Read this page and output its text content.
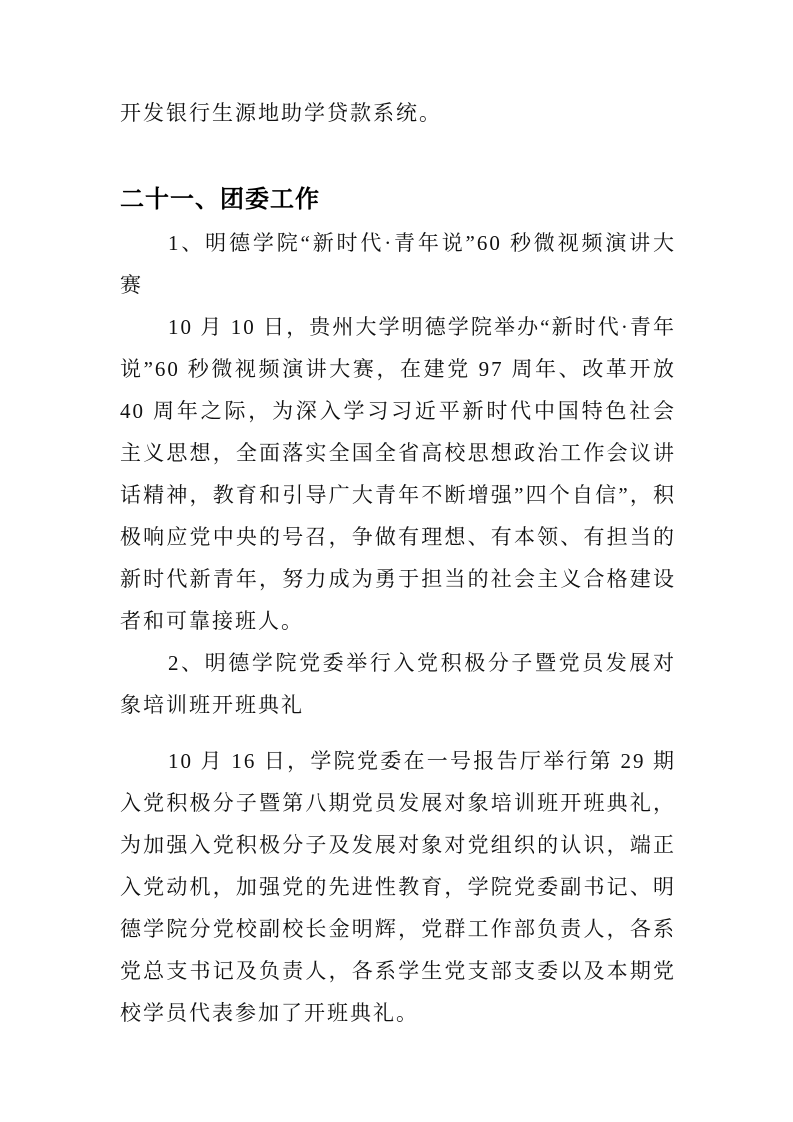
开发银行生源地助学贷款系统。

二十一、团委工作

1、明德学院“新时代·青年说”60 秒微视频演讲大赛

10 月 10 日，贵州大学明德学院举办“新时代·青年说”60 秒微视频演讲大赛，在建党 97 周年、改革开放 40 周年之际，为深入学习习近平新时代中国特色社会主义思想，全面落实全国全省高校思想政治工作会议讲话精神，教育和引导广大青年不断增强”四个自信”，积极响应党中央的号召，争做有理想、有本领、有担当的新时代新青年，努力成为勇于担当的社会主义合格建设者和可靠接班人。

2、明德学院党委举行入党积极分子暨党员发展对象培训班开班典礼

10 月 16 日，学院党委在一号报告厅举行第 29 期入党积极分子暨第八期党员发展对象培训班开班典礼，为加强入党积极分子及发展对象对党组织的认识，端正入党动机，加强党的先进性教育，学院党委副书记、明德学院分党校副校长金明辉，党群工作部负责人，各系党总支书记及负责人，各系学生党支部支委以及本期党校学员代表参加了开班典礼。
